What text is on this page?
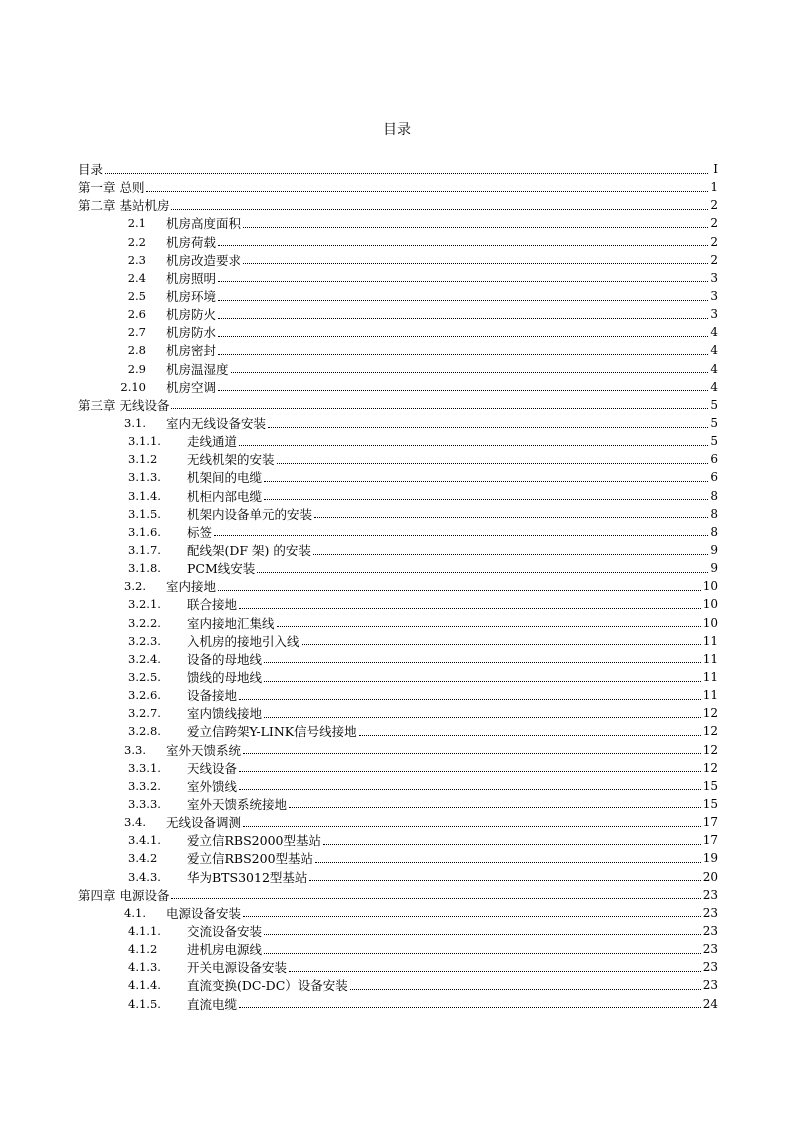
目录
目录	I
第一章 总则	1
第二章 基站机房	2
2.1 机房高度面积	2
2.2 机房荷载	2
2.3 机房改造要求	2
2.4 机房照明	3
2.5 机房环境	3
2.6 机房防火	3
2.7 机房防水	4
2.8 机房密封	4
2.9 机房温湿度	4
2.10 机房空调	4
第三章 无线设备	5
3.1. 室内无线设备安装	5
3.1.1. 走线通道	5
3.1.2 无线机架的安装	6
3.1.3. 机架间的电缆	6
3.1.4. 机柜内部电缆	8
3.1.5. 机架内设备单元的安装	8
3.1.6. 标签	8
3.1.7. 配线架(DF 架) 的安装	9
3.1.8. PCM线安装	9
3.2. 室内接地	10
3.2.1. 联合接地	10
3.2.2. 室内接地汇集线	10
3.2.3. 入机房的接地引入线	11
3.2.4. 设备的母地线	11
3.2.5. 馈线的母地线	11
3.2.6. 设备接地	11
3.2.7. 室内馈线接地	12
3.2.8. 爱立信跨架Y-LINK信号线接地	12
3.3. 室外天馈系统	12
3.3.1. 天线设备	12
3.3.2. 室外馈线	15
3.3.3. 室外天馈系统接地	15
3.4. 无线设备调测	17
3.4.1. 爱立信RBS2000型基站	17
3.4.2 爱立信RBS200型基站	19
3.4.3. 华为BTS3012型基站	20
第四章 电源设备	23
4.1. 电源设备安装	23
4.1.1. 交流设备安装	23
4.1.2 进机房电源线	23
4.1.3. 开关电源设备安装	23
4.1.4. 直流变换(DC-DC）设备安装	23
4.1.5. 直流电缆	24
